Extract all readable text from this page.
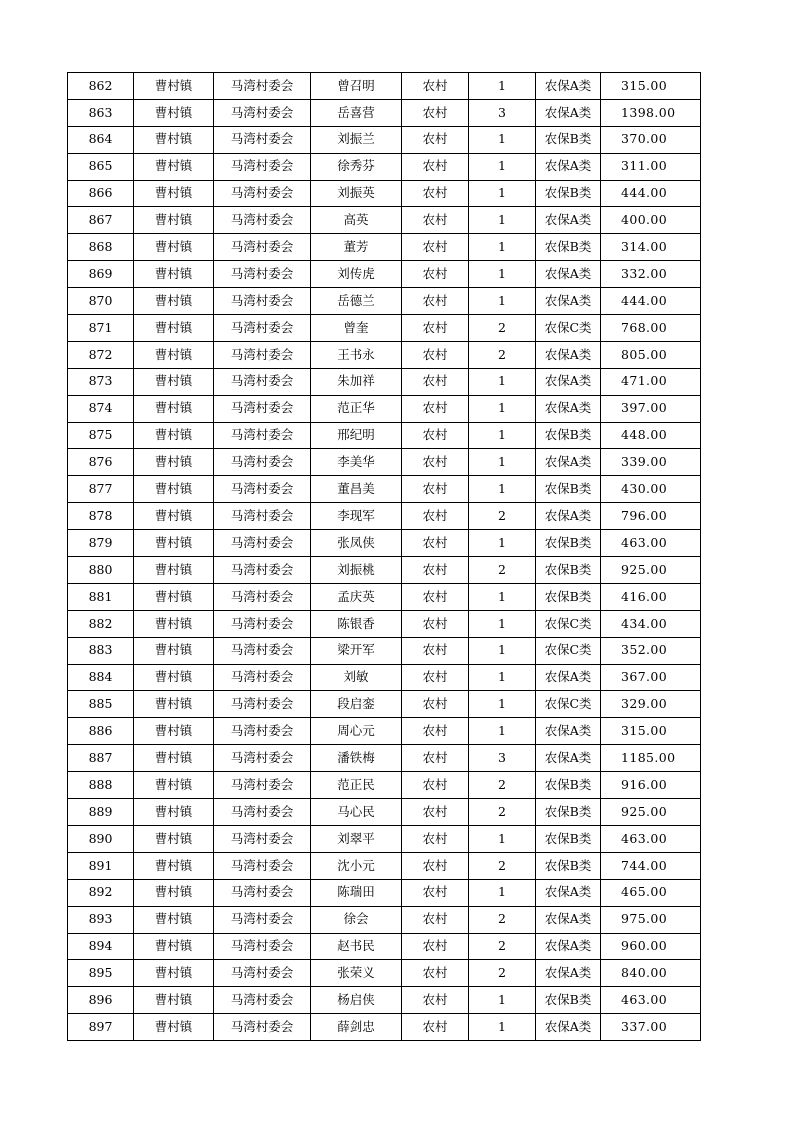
862	曹村镇	马湾村委会	曾召明	农村	1	农保A类	315.00
863	曹村镇	马湾村委会	岳喜营	农村	3	农保A类	1398.00
864	曹村镇	马湾村委会	刘振兰	农村	1	农保B类	370.00
865	曹村镇	马湾村委会	徐秀芬	农村	1	农保A类	311.00
866	曹村镇	马湾村委会	刘振英	农村	1	农保B类	444.00
867	曹村镇	马湾村委会	高英	农村	1	农保A类	400.00
868	曹村镇	马湾村委会	董芳	农村	1	农保B类	314.00
869	曹村镇	马湾村委会	刘传虎	农村	1	农保A类	332.00
870	曹村镇	马湾村委会	岳德兰	农村	1	农保A类	444.00
871	曹村镇	马湾村委会	曾奎	农村	2	农保C类	768.00
872	曹村镇	马湾村委会	王书永	农村	2	农保A类	805.00
873	曹村镇	马湾村委会	朱加祥	农村	1	农保A类	471.00
874	曹村镇	马湾村委会	范正华	农村	1	农保A类	397.00
875	曹村镇	马湾村委会	邢纪明	农村	1	农保B类	448.00
876	曹村镇	马湾村委会	李美华	农村	1	农保A类	339.00
877	曹村镇	马湾村委会	董昌美	农村	1	农保B类	430.00
878	曹村镇	马湾村委会	李现军	农村	2	农保A类	796.00
879	曹村镇	马湾村委会	张凤侠	农村	1	农保B类	463.00
880	曹村镇	马湾村委会	刘振桃	农村	2	农保B类	925.00
881	曹村镇	马湾村委会	孟庆英	农村	1	农保B类	416.00
882	曹村镇	马湾村委会	陈银香	农村	1	农保C类	434.00
883	曹村镇	马湾村委会	梁开军	农村	1	农保C类	352.00
884	曹村镇	马湾村委会	刘敏	农村	1	农保A类	367.00
885	曹村镇	马湾村委会	段启銮	农村	1	农保C类	329.00
886	曹村镇	马湾村委会	周心元	农村	1	农保A类	315.00
887	曹村镇	马湾村委会	潘铁梅	农村	3	农保A类	1185.00
888	曹村镇	马湾村委会	范正民	农村	2	农保B类	916.00
889	曹村镇	马湾村委会	马心民	农村	2	农保B类	925.00
890	曹村镇	马湾村委会	刘翠平	农村	1	农保B类	463.00
891	曹村镇	马湾村委会	沈小元	农村	2	农保B类	744.00
892	曹村镇	马湾村委会	陈瑞田	农村	1	农保A类	465.00
893	曹村镇	马湾村委会	徐会	农村	2	农保A类	975.00
894	曹村镇	马湾村委会	赵书民	农村	2	农保A类	960.00
895	曹村镇	马湾村委会	张荣义	农村	2	农保A类	840.00
896	曹村镇	马湾村委会	杨启侠	农村	1	农保B类	463.00
897	曹村镇	马湾村委会	薛剑忠	农村	1	农保A类	337.00
